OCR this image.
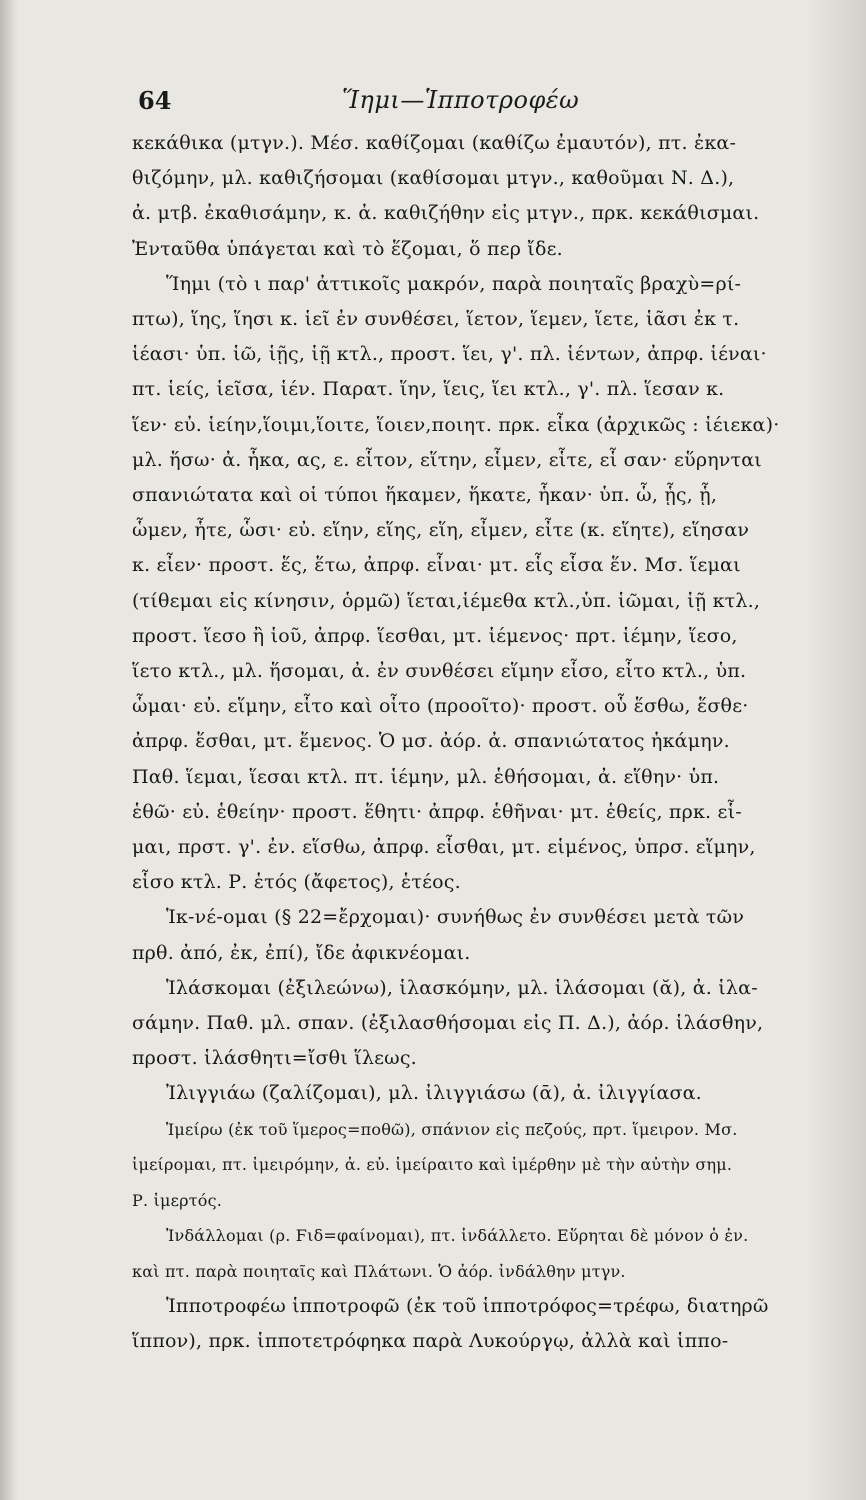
64	Ἵημι—Ἱπποτροφέω
κεκάθικα (μτγν.). Μέσ. καθίζομαι (καθίζω ἐμαυτόν), πτ. ἐκα-
θιζόμην, μλ. καθιζήσομαι (καθίσομαι μτγν., καθοῦμαι Ν. Δ.),
ἀ. μτβ. ἐκαθισάμην, κ. ἀ. καθιζήθην εἰς μτγν., πρκ. κεκάθισμαι.
Ἐνταῦθα ὑπάγεται καὶ τὸ ἕζομαι, ὅ περ ἴδε.
Ἵημι (τὸ ι παρ' ἀττικοῖς μακρόν, παρὰ ποιηταῖς βραχὺ=ρί-
πτω), ἵης, ἵησι κ. ἱεῖ ἐν συνθέσει, ἵετον, ἵεμεν, ἵετε, ἱᾶσι ἐκ τ.
ἱέασι· ὑπ. ἱῶ, ἱῇς, ἱῇ κτλ., προστ. ἵει, γ'. πλ. ἱέντων, ἀπρφ. ἱέναι·
πτ. ἱείς, ἱεῖσα, ἱέν. Παρατ. ἵην, ἵεις, ἵει κτλ., γ'. πλ. ἵεσαν κ.
ἵεν· εὐ. ἱείην,ἵοιμι,ἵοιτε, ἵοιεν,ποιητ. πρκ. εἷκα (ἀρχικῶς : ἱέιεκα)·
μλ. ἥσω· ἀ. ἧκα, ας, ε. εἷτον, εἵτην, εἷμεν, εἷτε, εἷ σαν· εὕρηνται
σπανιώτατα καὶ οἱ τύποι ἥκαμεν, ἥκατε, ἧκαν· ὑπ. ὧ, ᾗς, ᾗ,
ὧμεν, ἧτε, ὧσι· εὐ. εἵην, εἵης, εἵη, εἶμεν, εἶτε (κ. εἵητε), εἵησαν
κ. εἶεν· προστ. ἕς, ἕτω, ἀπρφ. εἷναι· μτ. εἷς εἷσα ἕν. Μσ. ἵεμαι
(τίθεμαι εἰς κίνησιν, ὁρμῶ) ἵεται,ἱέμεθα κτλ.,ὑπ. ἱῶμαι, ἱῇ κτλ.,
προστ. ἵεσο ἢ ἱοῦ, ἀπρφ. ἵεσθαι, μτ. ἱέμενος· πρτ. ἱέμην, ἵεσο,
ἵετο κτλ., μλ. ἥσομαι, ἀ. ἐν συνθέσει εἵμην εἷσο, εἷτο κτλ., ὑπ.
ὧμαι· εὐ. εἵμην, εἷτο καὶ οἷτο (προοῖτο)· προστ. οὗ ἕσθω, ἕσθε·
ἀπρφ. ἕσθαι, μτ. ἕμενος. Ὁ μσ. ἀόρ. ἀ. σπανιώτατος ἡκάμην.
Παθ. ἵεμαι, ἵεσαι κτλ. πτ. ἱέμην, μλ. ἑθήσομαι, ἀ. εἵθην· ὑπ.
ἑθῶ· εὐ. ἑθείην· προστ. ἕθητι· ἀπρφ. ἑθῆναι· μτ. ἑθείς, πρκ. εἷ-
μαι, πρστ. γ'. ἐν. εἵσθω, ἀπρφ. εἷσθαι, μτ. εἱμένος, ὑπρσ. εἵμην,
εἷσο κτλ. Ρ. ἑτός (ἄφετος), ἑτέος.
Ἱκ-νέ-ομαι (§ 22=ἔρχομαι)· συνήθως ἐν συνθέσει μετὰ τῶν
πρθ. ἀπό, ἐκ, ἐπί), ἴδε ἀφικνέομαι.
Ἱλάσκομαι (ἐξιλεώνω), ἱλασκόμην, μλ. ἱλάσομαι (ᾰ), ἀ. ἱλα-
σάμην. Παθ. μλ. σπαν. (ἐξιλασθήσομαι εἰς Π. Δ.), ἀόρ. ἱλάσθην,
προστ. ἱλάσθητι=ἴσθι ἵλεως.
Ἰλιγγιάω (ζαλίζομαι), μλ. ἰλιγγιάσω (ᾱ), ἀ. ἰλιγγίασα.
Ἱμείρω (ἐκ τοῦ ἵμερος=ποθῶ), σπάνιον εἰς πεζούς, πρτ. ἵμειρον. Μσ.
ἱμείρομαι, πτ. ἱμειρόμην, ἀ. εὐ. ἱμείραιτο καὶ ἱμέρθην μὲ τὴν αὐτὴν σημ.
Ρ. ἱμερτός.
Ἰνδάλλομαι (ρ. Ϝιδ=φαίνομαι), πτ. ἰνδάλλετο. Εὕρηται δὲ μόνον ὁ ἐν.
καὶ πτ. παρὰ ποιηταῖς καὶ Πλάτωνι. Ὁ ἀόρ. ἰνδάλθην μτγν.
Ἱπποτροφέω ἱπποτροφῶ (ἐκ τοῦ ἱπποτρόφος=τρέφω, διατηρῶ
ἵππον), πρκ. ἱπποτετρόφηκα παρὰ Λυκούργῳ, ἀλλὰ καὶ ἱππο-
